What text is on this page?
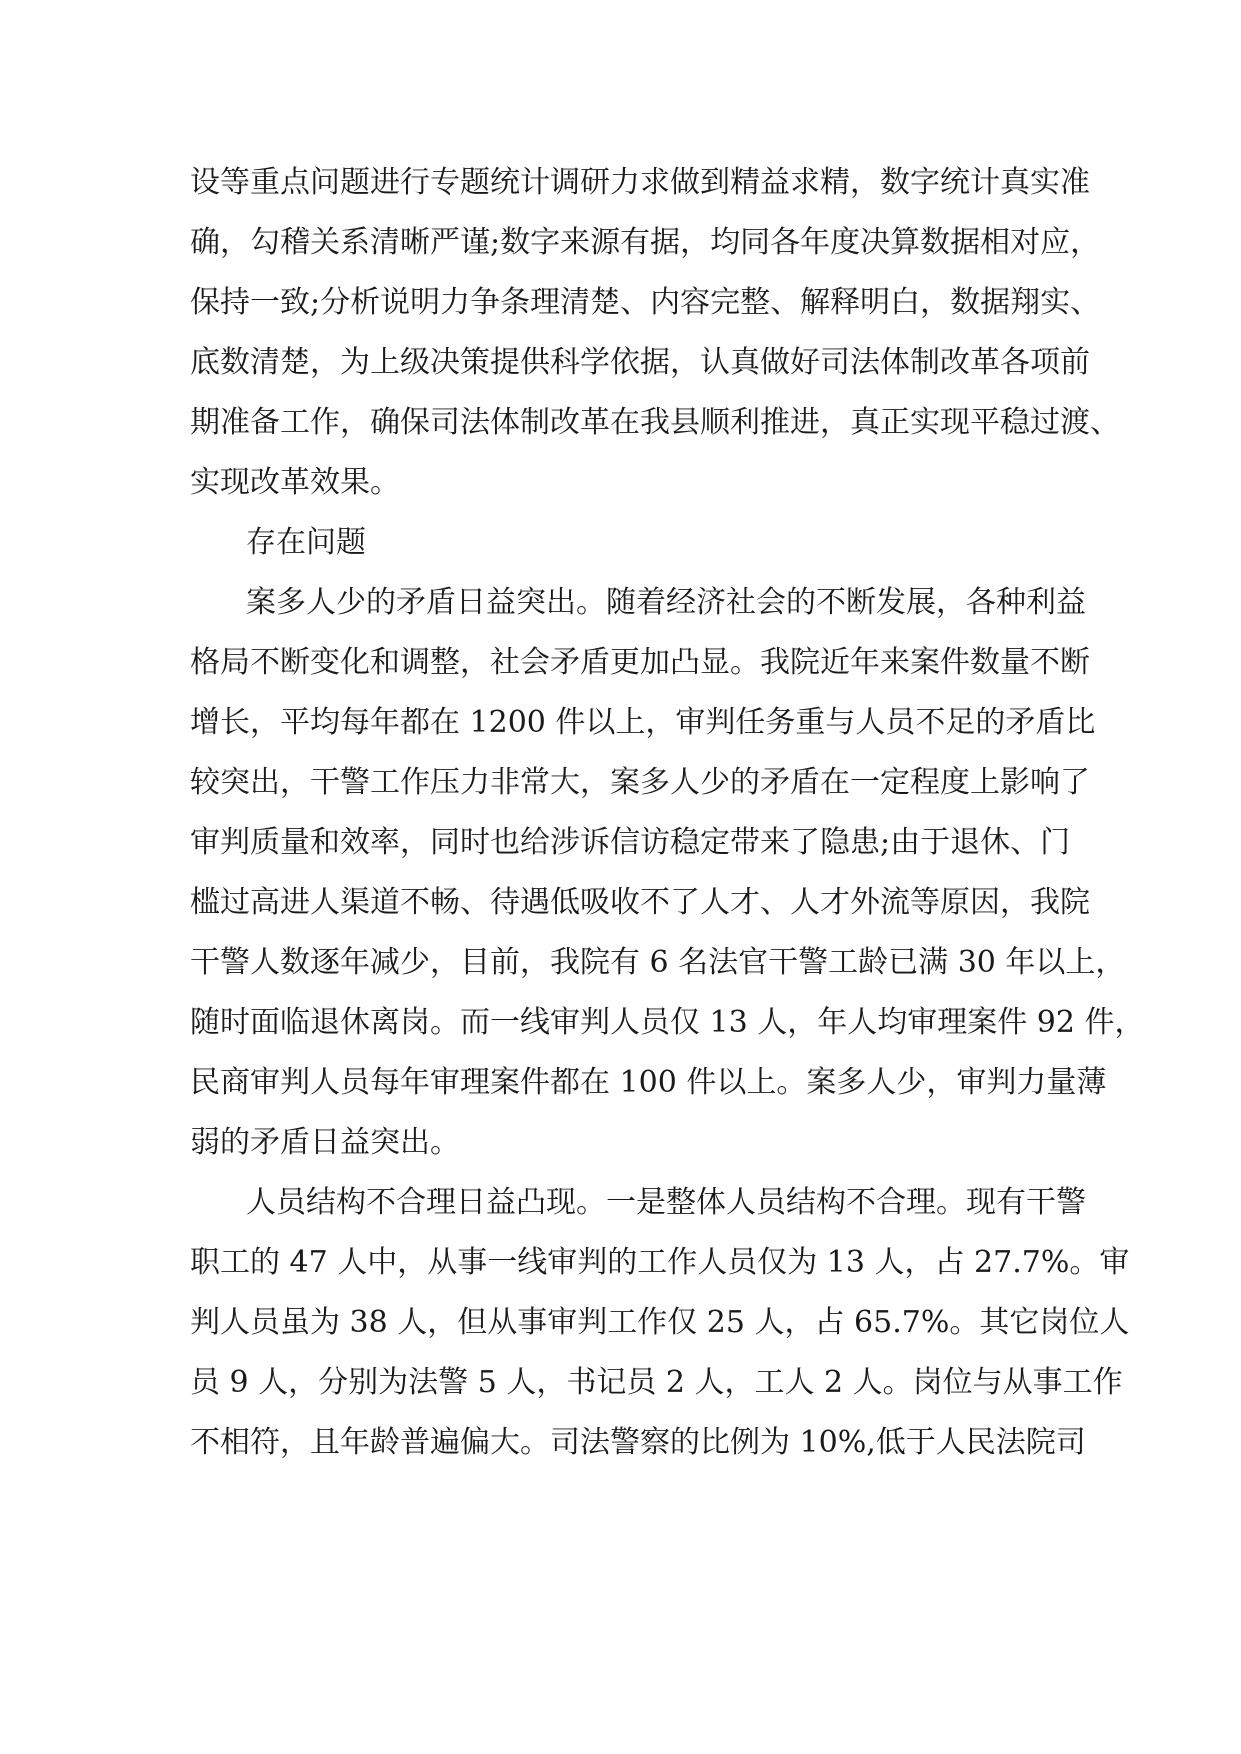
设等重点问题进行专题统计调研力求做到精益求精，数字统计真实准
确，勾稽关系清晰严谨;数字来源有据，均同各年度决算数据相对应，
保持一致;分析说明力争条理清楚、内容完整、解释明白，数据翔实、
底数清楚，为上级决策提供科学依据，认真做好司法体制改革各项前
期准备工作，确保司法体制改革在我县顺利推进，真正实现平稳过渡、
实现改革效果。
存在问题
案多人少的矛盾日益突出。随着经济社会的不断发展，各种利益
格局不断变化和调整，社会矛盾更加凸显。我院近年来案件数量不断
增长，平均每年都在 1200 件以上，审判任务重与人员不足的矛盾比
较突出，干警工作压力非常大，案多人少的矛盾在一定程度上影响了
审判质量和效率，同时也给涉诉信访稳定带来了隐患;由于退休、门
槛过高进人渠道不畅、待遇低吸收不了人才、人才外流等原因，我院
干警人数逐年减少，目前，我院有 6 名法官干警工龄已满 30 年以上，
随时面临退休离岗。而一线审判人员仅 13 人，年人均审理案件 92 件，
民商审判人员每年审理案件都在 100 件以上。案多人少，审判力量薄
弱的矛盾日益突出。
人员结构不合理日益凸现。一是整体人员结构不合理。现有干警
职工的 47 人中，从事一线审判的工作人员仅为 13 人，占 27.7%。审
判人员虽为 38 人，但从事审判工作仅 25 人，占 65.7%。其它岗位人
员 9 人，分别为法警 5 人，书记员 2 人，工人 2 人。岗位与从事工作
不相符，且年龄普遍偏大。司法警察的比例为 10%,低于人民法院司
